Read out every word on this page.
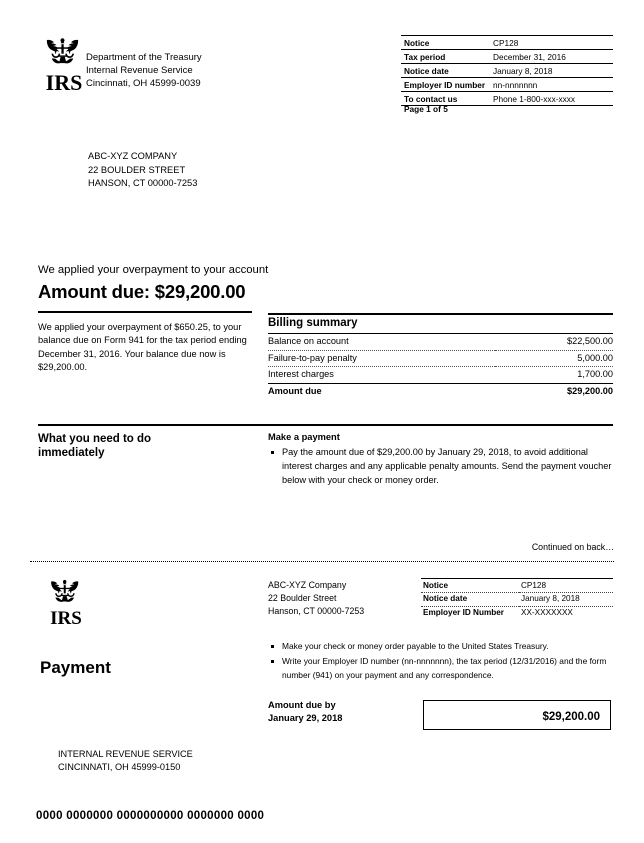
IRS
Department of the Treasury
Internal Revenue Service
Cincinnati, OH 45999-0039
Notice	CP128
Tax period	December 31, 2016
Notice date	January 8, 2018
Employer ID number	nn-nnnnnnn
To contact us	Phone 1-800-xxx-xxxx
Page 1 of 5
ABC-XYZ COMPANY
22 BOULDER STREET
HANSON, CT 00000-7253
We applied your overpayment to your account
Amount due: $29,200.00
We applied your overpayment of $650.25, to your balance due on Form 941 for the tax period ending December 31, 2016. Your balance due now is $29,200.00.
Billing summary
Balance on account	$22,500.00
Failure-to-pay penalty	5,000.00
Interest charges	1,700.00
Amount due	$29,200.00
What you need to do
immediately
Make a payment
Pay the amount due of $29,200.00 by January 29, 2018, to avoid additional interest charges and any applicable penalty amounts. Send the payment voucher below with your check or money order.
Continued on back…
IRS
ABC-XYZ Company
22 Boulder Street
Hanson, CT 00000-7253
Notice	CP128
Notice date	January 8, 2018
Employer ID Number	XX-XXXXXXX
Make your check or money order payable to the United States Treasury.
Write your Employer ID number (nn-nnnnnnn), the tax period (12/31/2016) and the form number (941) on your payment and any correspondence.
Payment
Amount due by
January 29, 2018	$29,200.00
INTERNAL REVENUE SERVICE
CINCINNATI, OH 45999-0150
0000 0000000 0000000000 0000000 0000
